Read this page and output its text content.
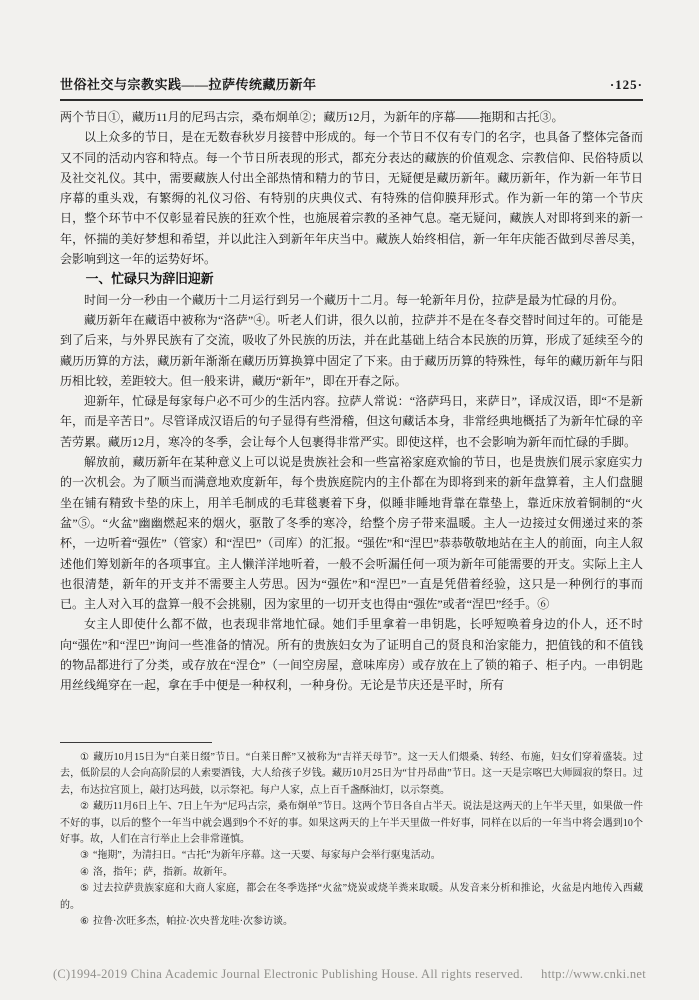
世俗社交与宗教实践——拉萨传统藏历新年	·125·

两个节日①，藏历11月的尼玛古宗，桑布炯单②；藏历12月，为新年的序幕——拖期和古托③。

以上众多的节日，是在无数春秋岁月接替中形成的。每一个节日不仅有专门的名字，也具备了整体完备而又不同的活动内容和特点。每一个节日所表现的形式，都充分表达的藏族的价值观念、宗教信仰、民俗特质以及社交礼仪。其中，需要藏族人付出全部热情和精力的节日，无疑便是藏历新年。藏历新年，作为新一年节日序幕的重头戏，有繁缛的礼仪习俗、有特别的庆典仪式、有特殊的信仰膜拜形式。作为新一年的第一个节庆日，整个环节中不仅彰显着民族的狂欢个性，也施展着宗教的圣神气息。毫无疑问，藏族人对即将到来的新一年，怀揣的美好梦想和希望，并以此注入到新年年庆当中。藏族人始终相信，新一年年庆能否做到尽善尽美，会影响到这一年的运势好坏。

一、忙碌只为辞旧迎新

时间一分一秒由一个藏历十二月运行到另一个藏历十二月。每一轮新年月份，拉萨是最为忙碌的月份。

藏历新年在藏语中被称为“洛萨”④。听老人们讲，很久以前，拉萨并不是在冬春交替时间过年的。可能是到了后来，与外界民族有了交流，吸收了外民族的历法，并在此基础上结合本民族的历算，形成了延续至今的藏历历算的方法，藏历新年渐渐在藏历历算换算中固定了下来。由于藏历历算的特殊性，每年的藏历新年与阳历相比较，差距较大。但一般来讲，藏历“新年”，即在开春之际。

迎新年，忙碌是每家每户必不可少的生活内容。拉萨人常说：“洛萨玛日，来萨日”，译成汉语，即“不是新年，而是辛苦日”。尽管译成汉语后的句子显得有些滑稽，但这句藏话本身，非常经典地概括了为新年忙碌的辛苦劳累。藏历12月，寒冷的冬季，会让每个人包裹得非常严实。即使这样，也不会影响为新年而忙碌的手脚。

解放前，藏历新年在某种意义上可以说是贵族社会和一些富裕家庭欢愉的节日，也是贵族们展示家庭实力的一次机会。为了顺当而满意地欢度新年，每个贵族庭院内的主仆都在为即将到来的新年盘算着，主人们盘腿坐在铺有精致卡垫的床上，用羊毛制成的毛茸毯裹着下身，似睡非睡地背靠在靠垫上，靠近床放着铜制的“火盆”⑤。“火盆”幽幽燃起来的烟火，驱散了冬季的寒冷，给整个房子带来温暖。主人一边接过女佣递过来的茶杯，一边听着“强佐”（管家）和“涅巴”（司库）的汇报。“强佐”和“涅巴”恭恭敬敬地站在主人的前面，向主人叙述他们筹划新年的各项事宜。主人懒洋洋地听着，一般不会听漏任何一项为新年可能需要的开支。实际上主人也很清楚，新年的开支并不需要主人劳思。因为“强佐”和“涅巴”一直是凭借着经验，这只是一种例行的事而已。主人对入耳的盘算一般不会挑剔，因为家里的一切开支也得由“强佐”或者“涅巴”经手。⑥

女主人即使什么都不做，也表现非常地忙碌。她们手里拿着一串钥匙，长呼短唤着身边的仆人，还不时向“强佐”和“涅巴”询问一些准备的情况。所有的贵族妇女为了证明自己的贤良和治家能力，把值钱的和不值钱的物品都进行了分类，或存放在“涅仓”（一间空房屋，意味库房）或存放在上了锁的箱子、柜子内。一串钥匙用丝线绳穿在一起，拿在手中便是一种权利，一种身份。无论是节庆还是平时，所有

① 藏历10月15日为“白莱日缀”节日。“白莱日醉”又被称为“吉祥天母节”。这一天人们煨桑、转经、布施，妇女们穿着盛装。过去，低阶层的人会向高阶层的人索要酒钱，大人给孩子岁钱。藏历10月25日为“甘丹昂曲”节日。这一天是宗喀巴大师圆寂的祭日。过去，布达拉宫顶上，敲打达玛鼓，以示祭祀。每户人家，点上百千盏酥油灯，以示祭奠。

② 藏历11月6日上午、7日上午为“尼玛古宗，桑布炯单”节日。这两个节日各自占半天。说法是这两天的上午半天里，如果做一件不好的事，以后的整个一年当中就会遇到9个不好的事。如果这两天的上午半天里做一件好事，同样在以后的一年当中将会遇到10个好事。故，人们在言行举止上会非常谨慎。

③ “拖期”，为清扫日。“古托”为新年序幕。这一天要、每家每户会举行驱鬼活动。

④ 洛，指年；萨，指新。故新年。

⑤ 过去拉萨贵族家庭和大商人家庭，都会在冬季选择“火盆”烧炭或烧羊粪来取暖。从发音来分析和推论，火盆是内地传入西藏的。

⑥ 拉鲁·次旺多杰，帕拉·次央普龙哇·次参访谈。

(C)1994-2019 China Academic Journal Electronic Publishing House. All rights reserved. http://www.cnki.net
